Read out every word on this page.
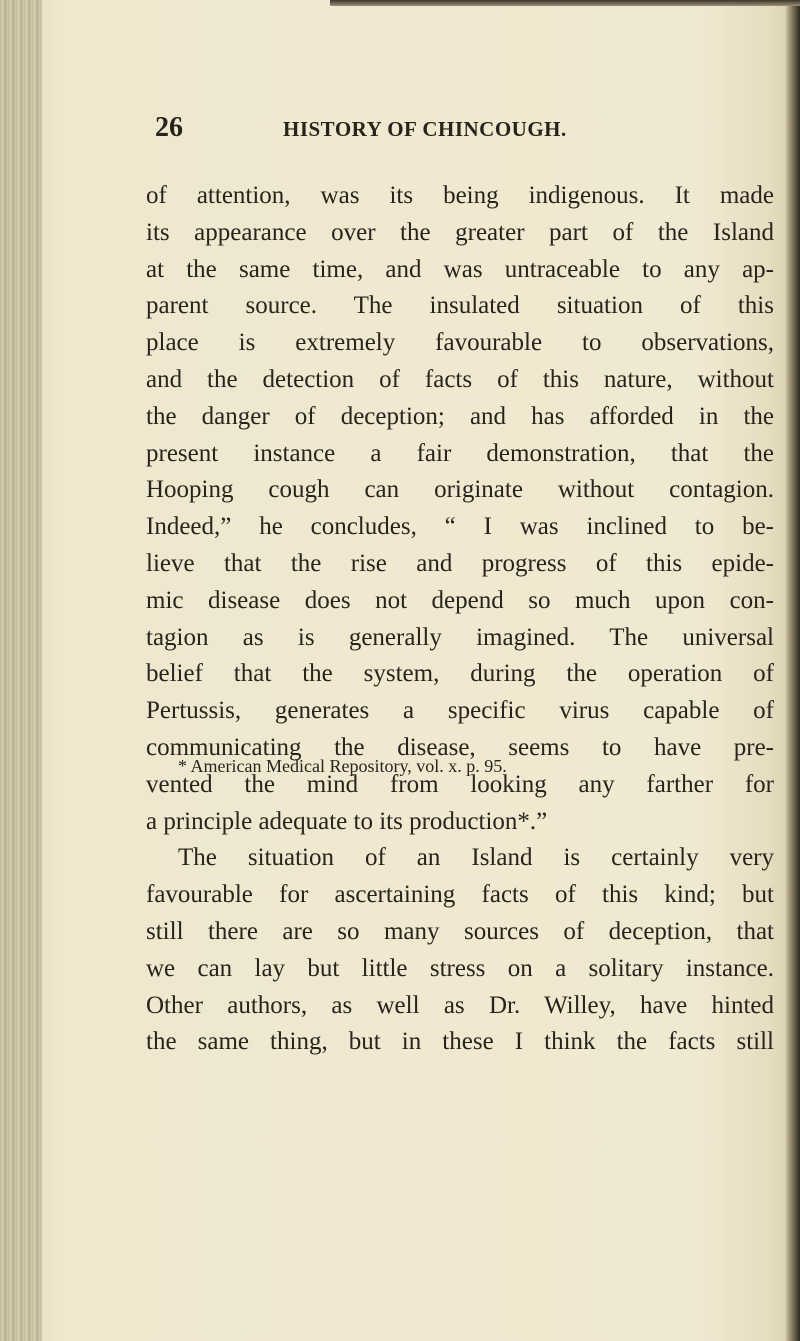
26	HISTORY OF CHINCOUGH.
of attention, was its being indigenous. It made
its appearance over the greater part of the Island
at the same time, and was untraceable to any ap-
parent source. The insulated situation of this
place is extremely favourable to observations,
and the detection of facts of this nature, without
the danger of deception; and has afforded in the
present instance a fair demonstration, that the
Hooping cough can originate without contagion.
Indeed,” he concludes, “ I was inclined to be-
lieve that the rise and progress of this epide-
mic disease does not depend so much upon con-
tagion as is generally imagined. The universal
belief that the system, during the operation of
Pertussis, generates a specific virus capable of
communicating the disease, seems to have pre-
vented the mind from looking any farther for
a principle adequate to its production*.”
The situation of an Island is certainly very
favourable for ascertaining facts of this kind; but
still there are so many sources of deception, that
we can lay but little stress on a solitary instance.
Other authors, as well as Dr. Willey, have hinted
the same thing, but in these I think the facts still
* American Medical Repository, vol. x. p. 95.
